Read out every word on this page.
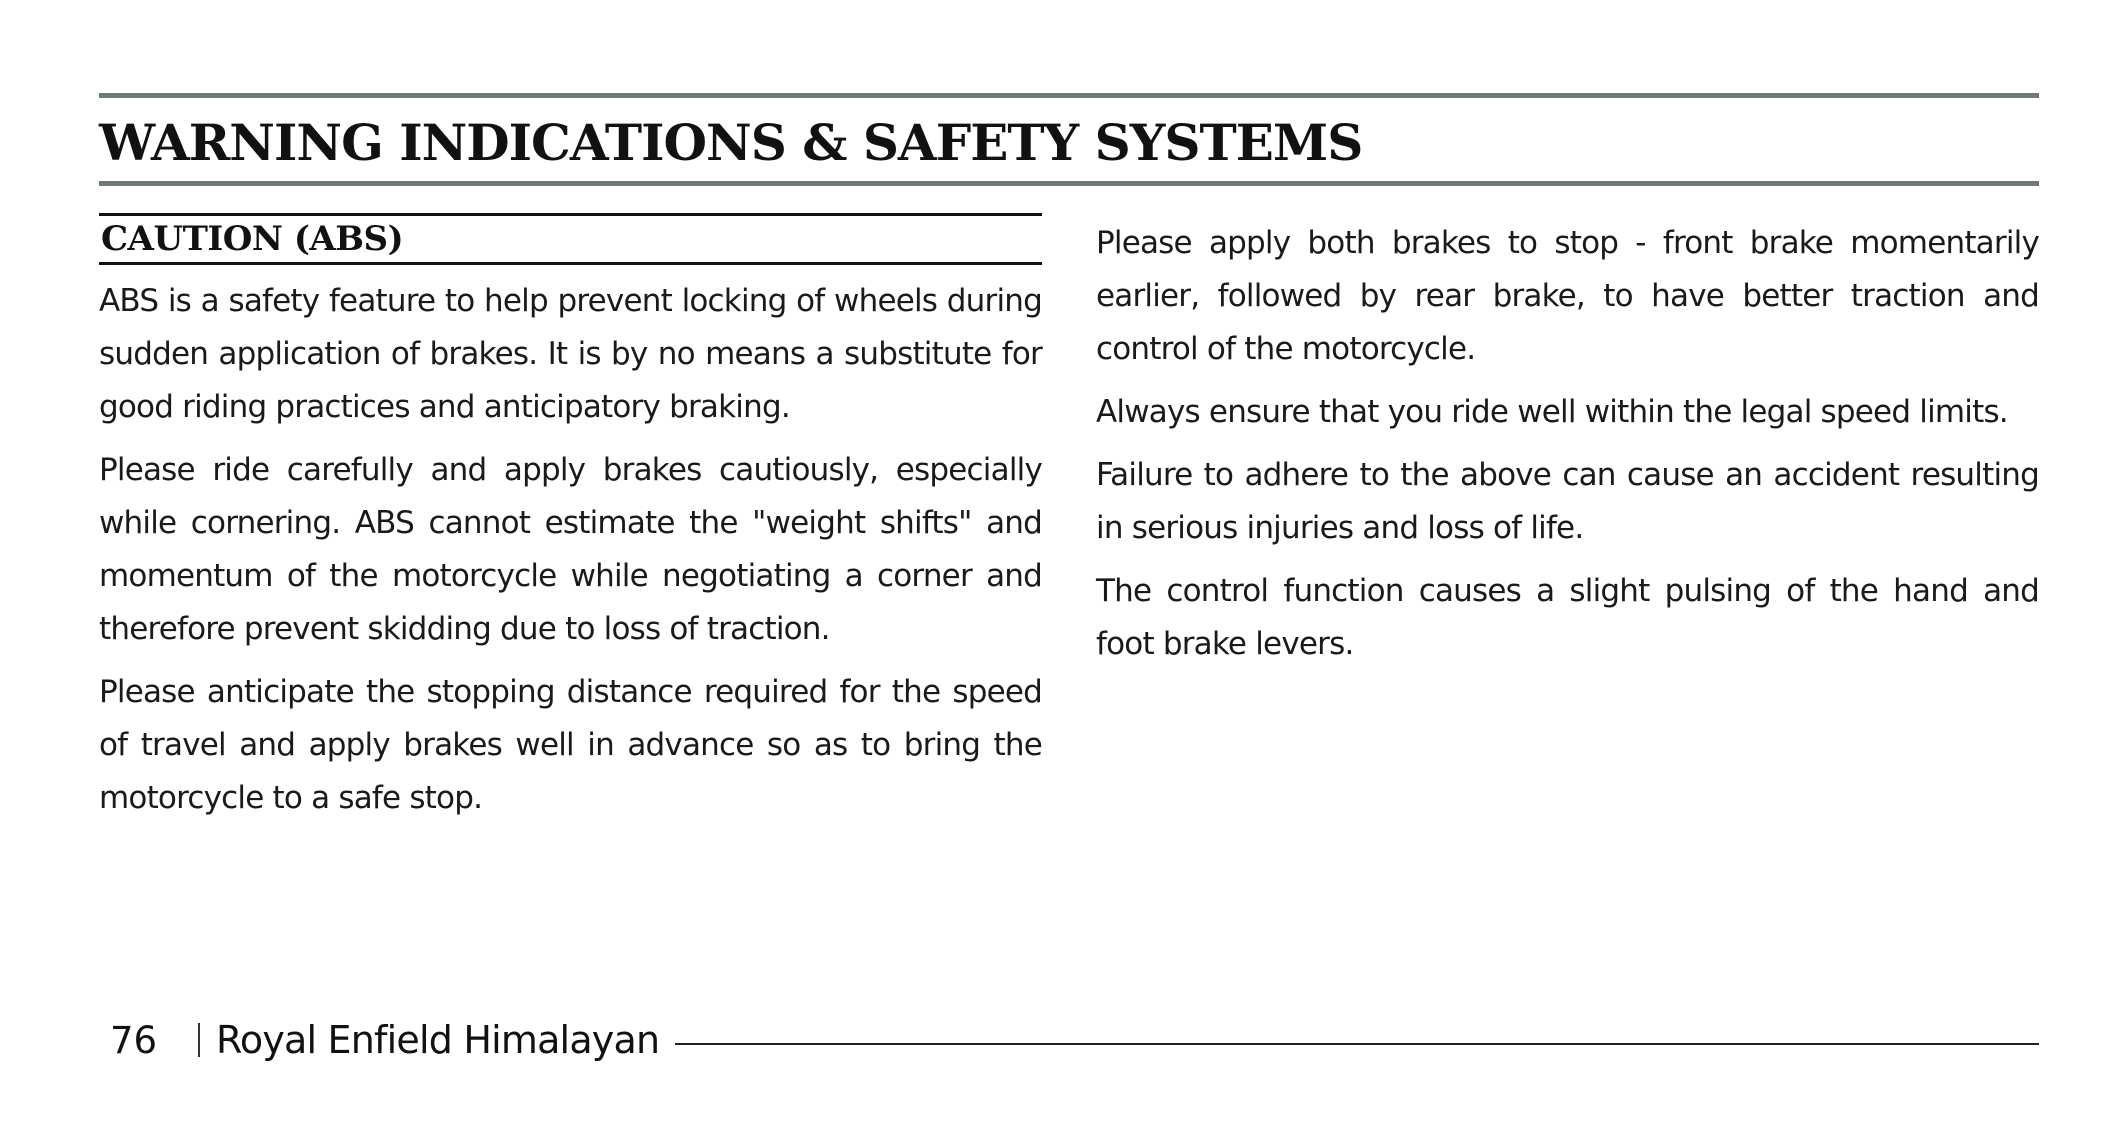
WARNING INDICATIONS & SAFETY SYSTEMS
CAUTION (ABS)

ABS is a safety feature to help prevent locking of wheels during sudden application of brakes. It is by no means a substitute for good riding practices and anticipatory braking.

Please ride carefully and apply brakes cautiously, especially while cornering. ABS cannot estimate the "weight shifts" and momentum of the motorcycle while negotiating a corner and therefore prevent skidding due to loss of traction.

Please anticipate the stopping distance required for the speed of travel and apply brakes well in advance so as to bring the motorcycle to a safe stop.

Please apply both brakes to stop - front brake momentarily earlier, followed by rear brake, to have better traction and control of the motorcycle.

Always ensure that you ride well within the legal speed limits.

Failure to adhere to the above can cause an accident resulting in serious injuries and loss of life.

The control function causes a slight pulsing of the hand and foot brake levers.

76	Royal Enfield Himalayan
